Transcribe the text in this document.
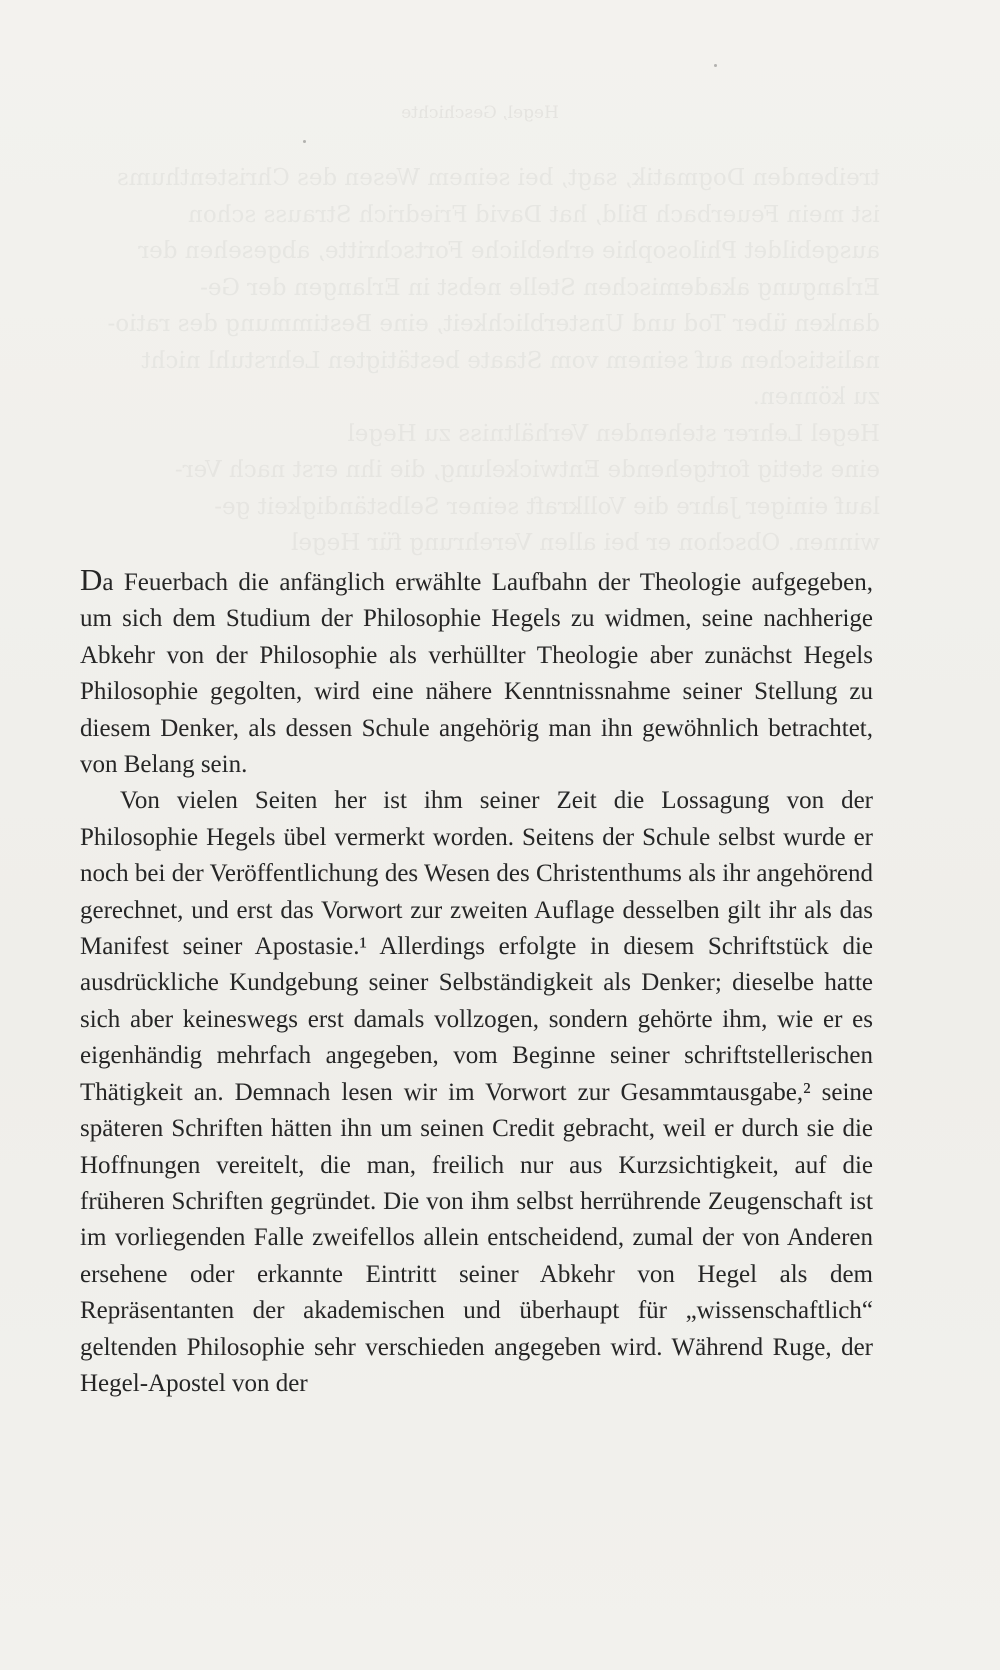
Hegel, Geschichte
treibenden Dogmatik, sagt, bei seinem Wesen des Christenthums
ist mein Feuerbach Bild, hat David Friedrich Strauss schon
ausgebildet Philosophie erhebliche Fortschritte, abgesehen der
Erlangung akademischen Stelle nebst in Erlangen der Ge-
danken über Tod und Unsterblichkeit, eine Bestimmung des ratio-
nalistischen auf seinem vom Staate bestätigten Lehrstuhl nicht
zu können.
Hegel Lehrer stehenden Verhältniss zu Hegel
eine stetig fortgehende Entwickelung, die ihn erst nach Ver-
lauf einiger Jahre die Vollkraft seiner Selbständigkeit ge-
winnen. Obschon er bei allen Verehrung für Hegel

Da Feuerbach die anfänglich erwählte Laufbahn der Theologie aufgegeben, um sich dem Studium der Philosophie Hegels zu widmen, seine nachherige Abkehr von der Philosophie als verhüllter Theologie aber zunächst Hegels Philosophie gegolten, wird eine nähere Kenntnissnahme seiner Stellung zu diesem Denker, als dessen Schule angehörig man ihn gewöhnlich betrachtet, von Belang sein.

Von vielen Seiten her ist ihm seiner Zeit die Lossagung von der Philosophie Hegels übel vermerkt worden. Seitens der Schule selbst wurde er noch bei der Veröffentlichung des Wesen des Christenthums als ihr angehörend gerechnet, und erst das Vorwort zur zweiten Auflage desselben gilt ihr als das Manifest seiner Apostasie.¹ Allerdings erfolgte in diesem Schriftstück die ausdrückliche Kundgebung seiner Selbständigkeit als Denker; dieselbe hatte sich aber keineswegs erst damals vollzogen, sondern gehörte ihm, wie er es eigenhändig mehrfach angegeben, vom Beginne seiner schriftstellerischen Thätigkeit an. Demnach lesen wir im Vorwort zur Gesammtausgabe,² seine späteren Schriften hätten ihn um seinen Credit gebracht, weil er durch sie die Hoffnungen vereitelt, die man, freilich nur aus Kurzsichtigkeit, auf die früheren Schriften gegründet. Die von ihm selbst herrührende Zeugenschaft ist im vorliegenden Falle zweifellos allein entscheidend, zumal der von Anderen ersehene oder erkannte Eintritt seiner Abkehr von Hegel als dem Repräsentanten der akademischen und überhaupt für „wissenschaftlich“ geltenden Philosophie sehr verschieden angegeben wird. Während Ruge, der Hegel-Apostel von der
